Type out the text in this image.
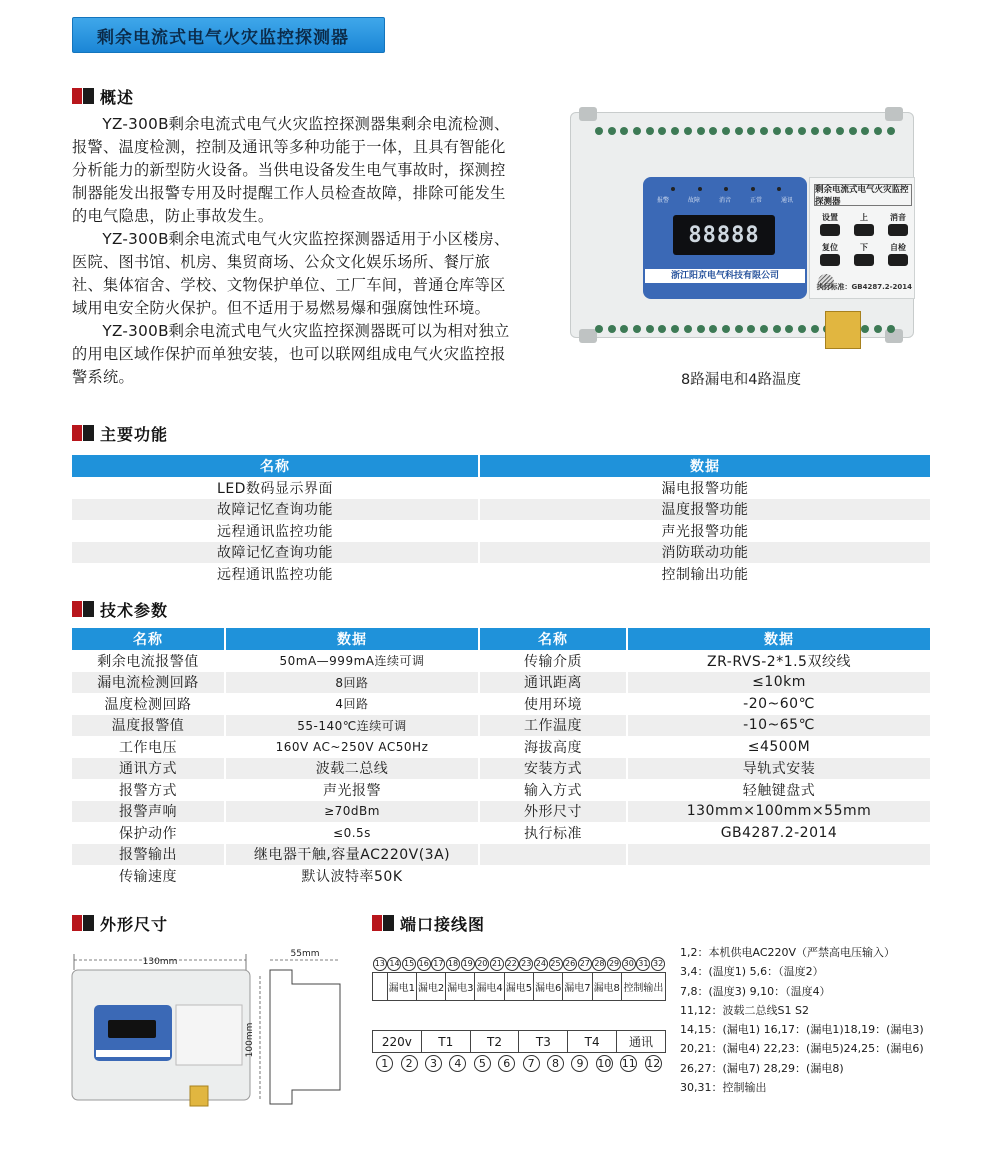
剩余电流式电气火灾监控探测器
概述

YZ-300B剩余电流式电气火灾监控探测器集剩余电流检测、报警、温度检测，控制及通讯等多种功能于一体，且具有智能化分析能力的新型防火设备。当供电设备发生电气事故时，探测控制器能发出报警专用及时提醒工作人员检查故障，排除可能发生的电气隐患，防止事故发生。

YZ-300B剩余电流式电气火灾监控探测器适用于小区楼房、医院、图书馆、机房、集贸商场、公众文化娱乐场所、餐厅旅社、集体宿舍、学校、文物保护单位、工厂车间，普通仓库等区域用电安全防火保护。但不适用于易燃易爆和强腐蚀性环境。

YZ-300B剩余电流式电气火灾监控探测器既可以为相对独立的用电区域作保护而单独安装，也可以联网组成电气火灾监控报警系统。

报警	故障	消音	正常	通讯
88888
浙江阳京电气科技有限公司
剩余电流式电气火灾监控探测器
设置	上	消音
复位	下	自检
执行标准：GB4287.2-2014
8路漏电和4路温度
主要功能
名称	数据
LED数码显示界面	漏电报警功能
故障记忆查询功能	温度报警功能
远程通讯监控功能	声光报警功能
故障记忆查询功能	消防联动功能
远程通讯监控功能	控制输出功能
技术参数
名称	数据	名称	数据
剩余电流报警值	50mA—999mA连续可调	传输介质	ZR-RVS-2*1.5双绞线
漏电流检测回路	8回路	通讯距离	≤10km
温度检测回路	4回路	使用环境	-20~60℃
温度报警值	55-140℃连续可调	工作温度	-10~65℃
工作电压	160V AC~250V AC50Hz	海拔高度	≤4500M
通讯方式	波载二总线	安装方式	导轨式安装
报警方式	声光报警	输入方式	轻触键盘式
报警声响	≥70dBm	外形尺寸	130mm×100mm×55mm
保护动作	≤0.5s	执行标准	GB4287.2-2014
报警输出	继电器干触,容量AC220V(3A)		
传输速度	默认波特率50K		
外形尺寸
130mm
100mm
55mm
端口接线图
13	14	15	16	17	18	19	20	21	22	23	24	25	26	27	28	29	30	31	32
	漏电1		漏电2		漏电3		漏电4		漏电5		漏电6		漏电7		漏电8		控制输出		
220v		T1		T2		T3		T4		通讯	
1	2	3	4	5	6	7	8	9	10	11	12
1,2：本机供电AC220V（严禁高电压输入）
3,4：(温度1) 5,6：（温度2）
7,8：(温度3) 9,10：（温度4）
11,12：波载二总线S1 S2
14,15：(漏电1) 16,17：(漏电1)18,19：(漏电3)
20,21：(漏电4) 22,23：(漏电5)24,25：(漏电6)
26,27：(漏电7) 28,29：(漏电8)
30,31：控制输出
